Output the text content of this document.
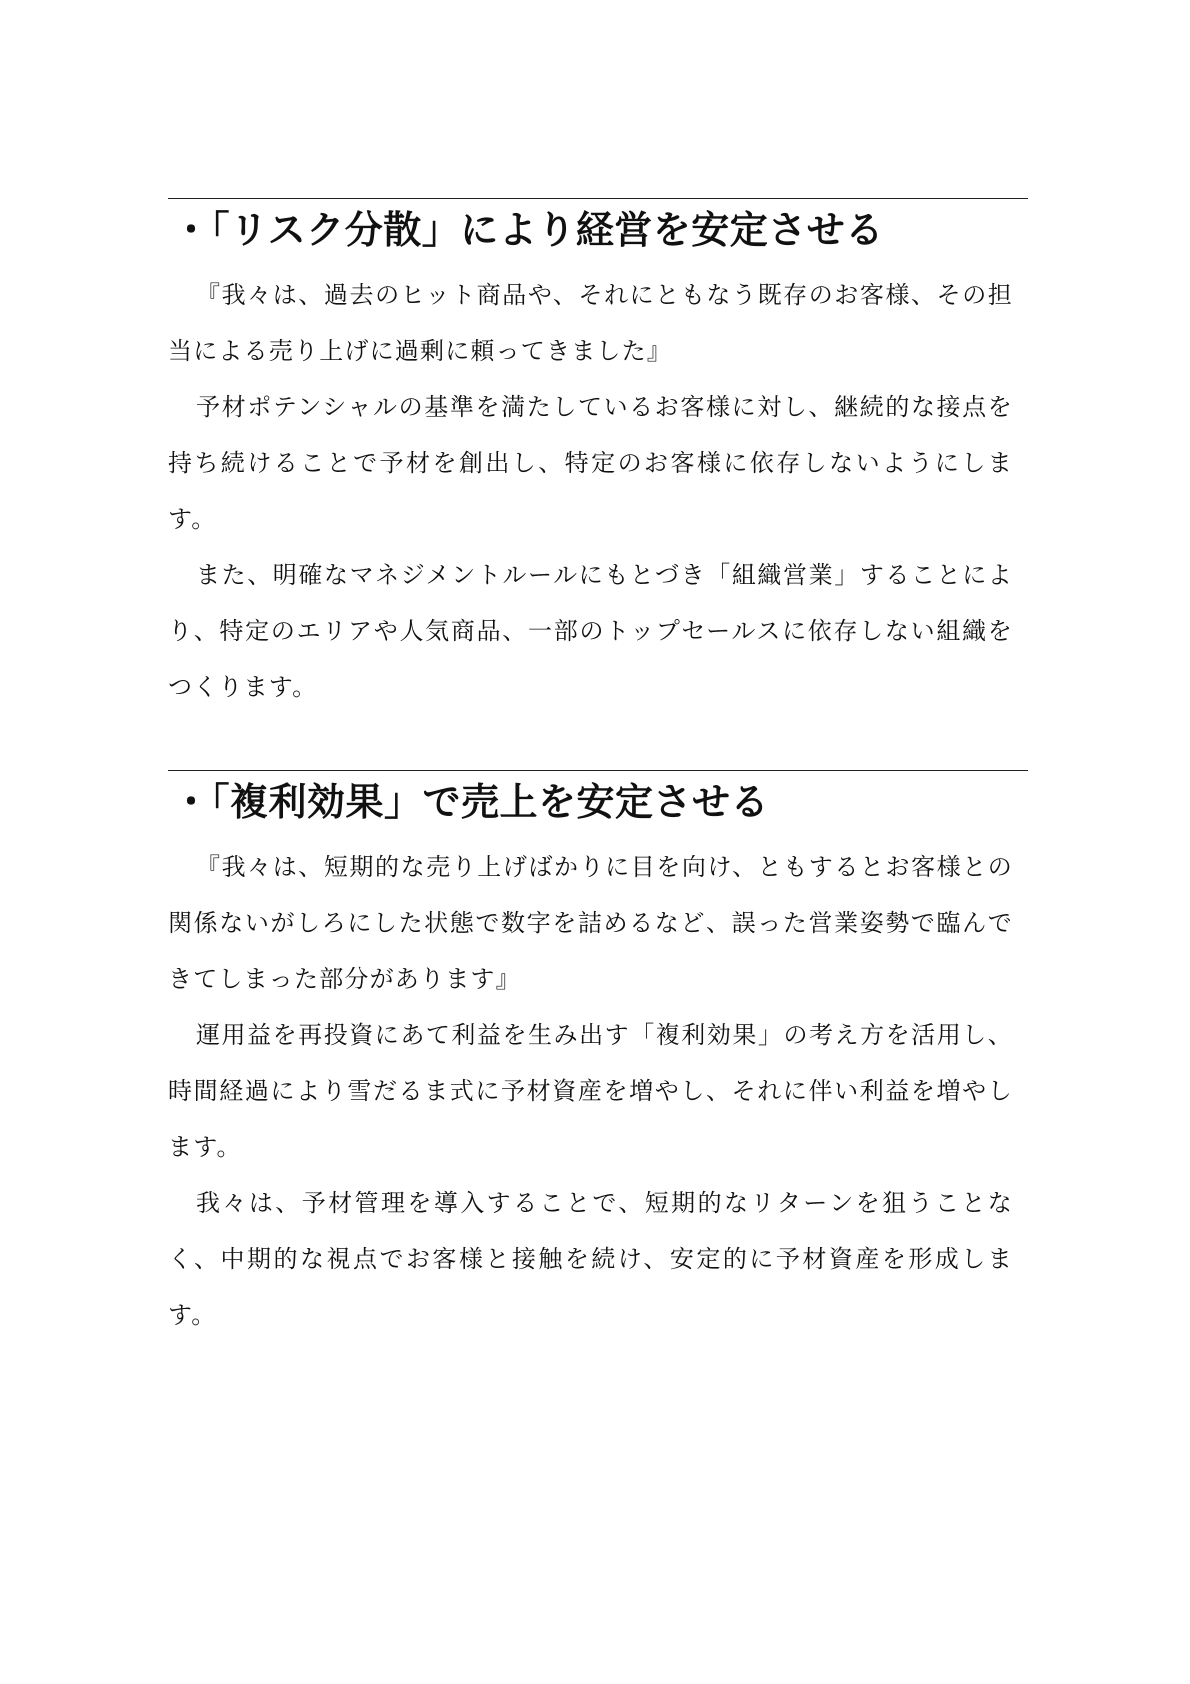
・「リスク分散」により経営を安定させる

『我々は、過去のヒット商品や、それにともなう既存のお客様、その担当による売り上げに過剰に頼ってきました』

予材ポテンシャルの基準を満たしているお客様に対し、継続的な接点を持ち続けることで予材を創出し、特定のお客様に依存しないようにします。

また、明確なマネジメントルールにもとづき「組織営業」することにより、特定のエリアや人気商品、一部のトップセールスに依存しない組織をつくります。

・「複利効果」で売上を安定させる

『我々は、短期的な売り上げばかりに目を向け、ともするとお客様との関係ないがしろにした状態で数字を詰めるなど、誤った営業姿勢で臨んできてしまった部分があります』

運用益を再投資にあて利益を生み出す「複利効果」の考え方を活用し、時間経過により雪だるま式に予材資産を増やし、それに伴い利益を増やします。

我々は、予材管理を導入することで、短期的なリターンを狙うことなく、中期的な視点でお客様と接触を続け、安定的に予材資産を形成します。
